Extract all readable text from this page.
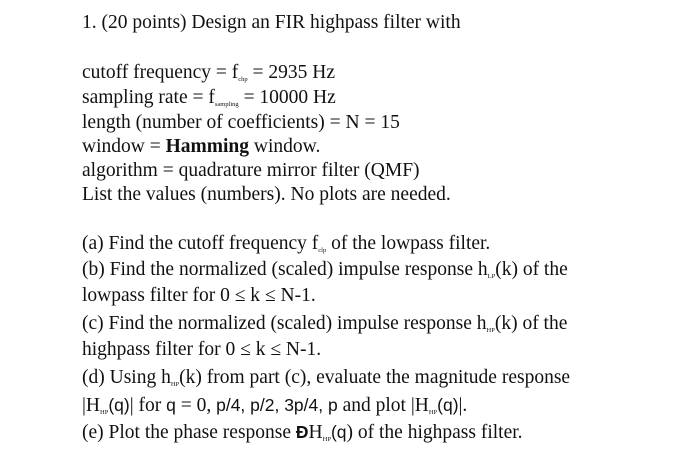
1. (20 points) Design an FIR highpass filter with
cutoff frequency = $f_{chp} = 2935$ Hz
sampling rate = $f_{sampling} = 10000$ Hz
length (number of coefficients) = N = 15
window = Hamming window.
algorithm = quadrature mirror filter (QMF)
List the values (numbers). No plots are needed.
(a) Find the cutoff frequency $f_{clp}$ of the lowpass filter.
(b) Find the normalized (scaled) impulse response $h_{LP}(k)$ of the
lowpass filter for 0 ≤ k ≤ N-1.
(c) Find the normalized (scaled) impulse response $h_{HP}(k)$ of the
highpass filter for 0 ≤ k ≤ N-1.
(d) Using $h_{HP}(k)$ from part (c), evaluate the magnitude response
$|H_{HP}(q)|$ for q = 0, p/4, p/2, 3p/4, p and plot $|H_{HP}(q)|$.
(e) Plot the phase response $ÐH_{HP}(q)$ of the highpass filter.
